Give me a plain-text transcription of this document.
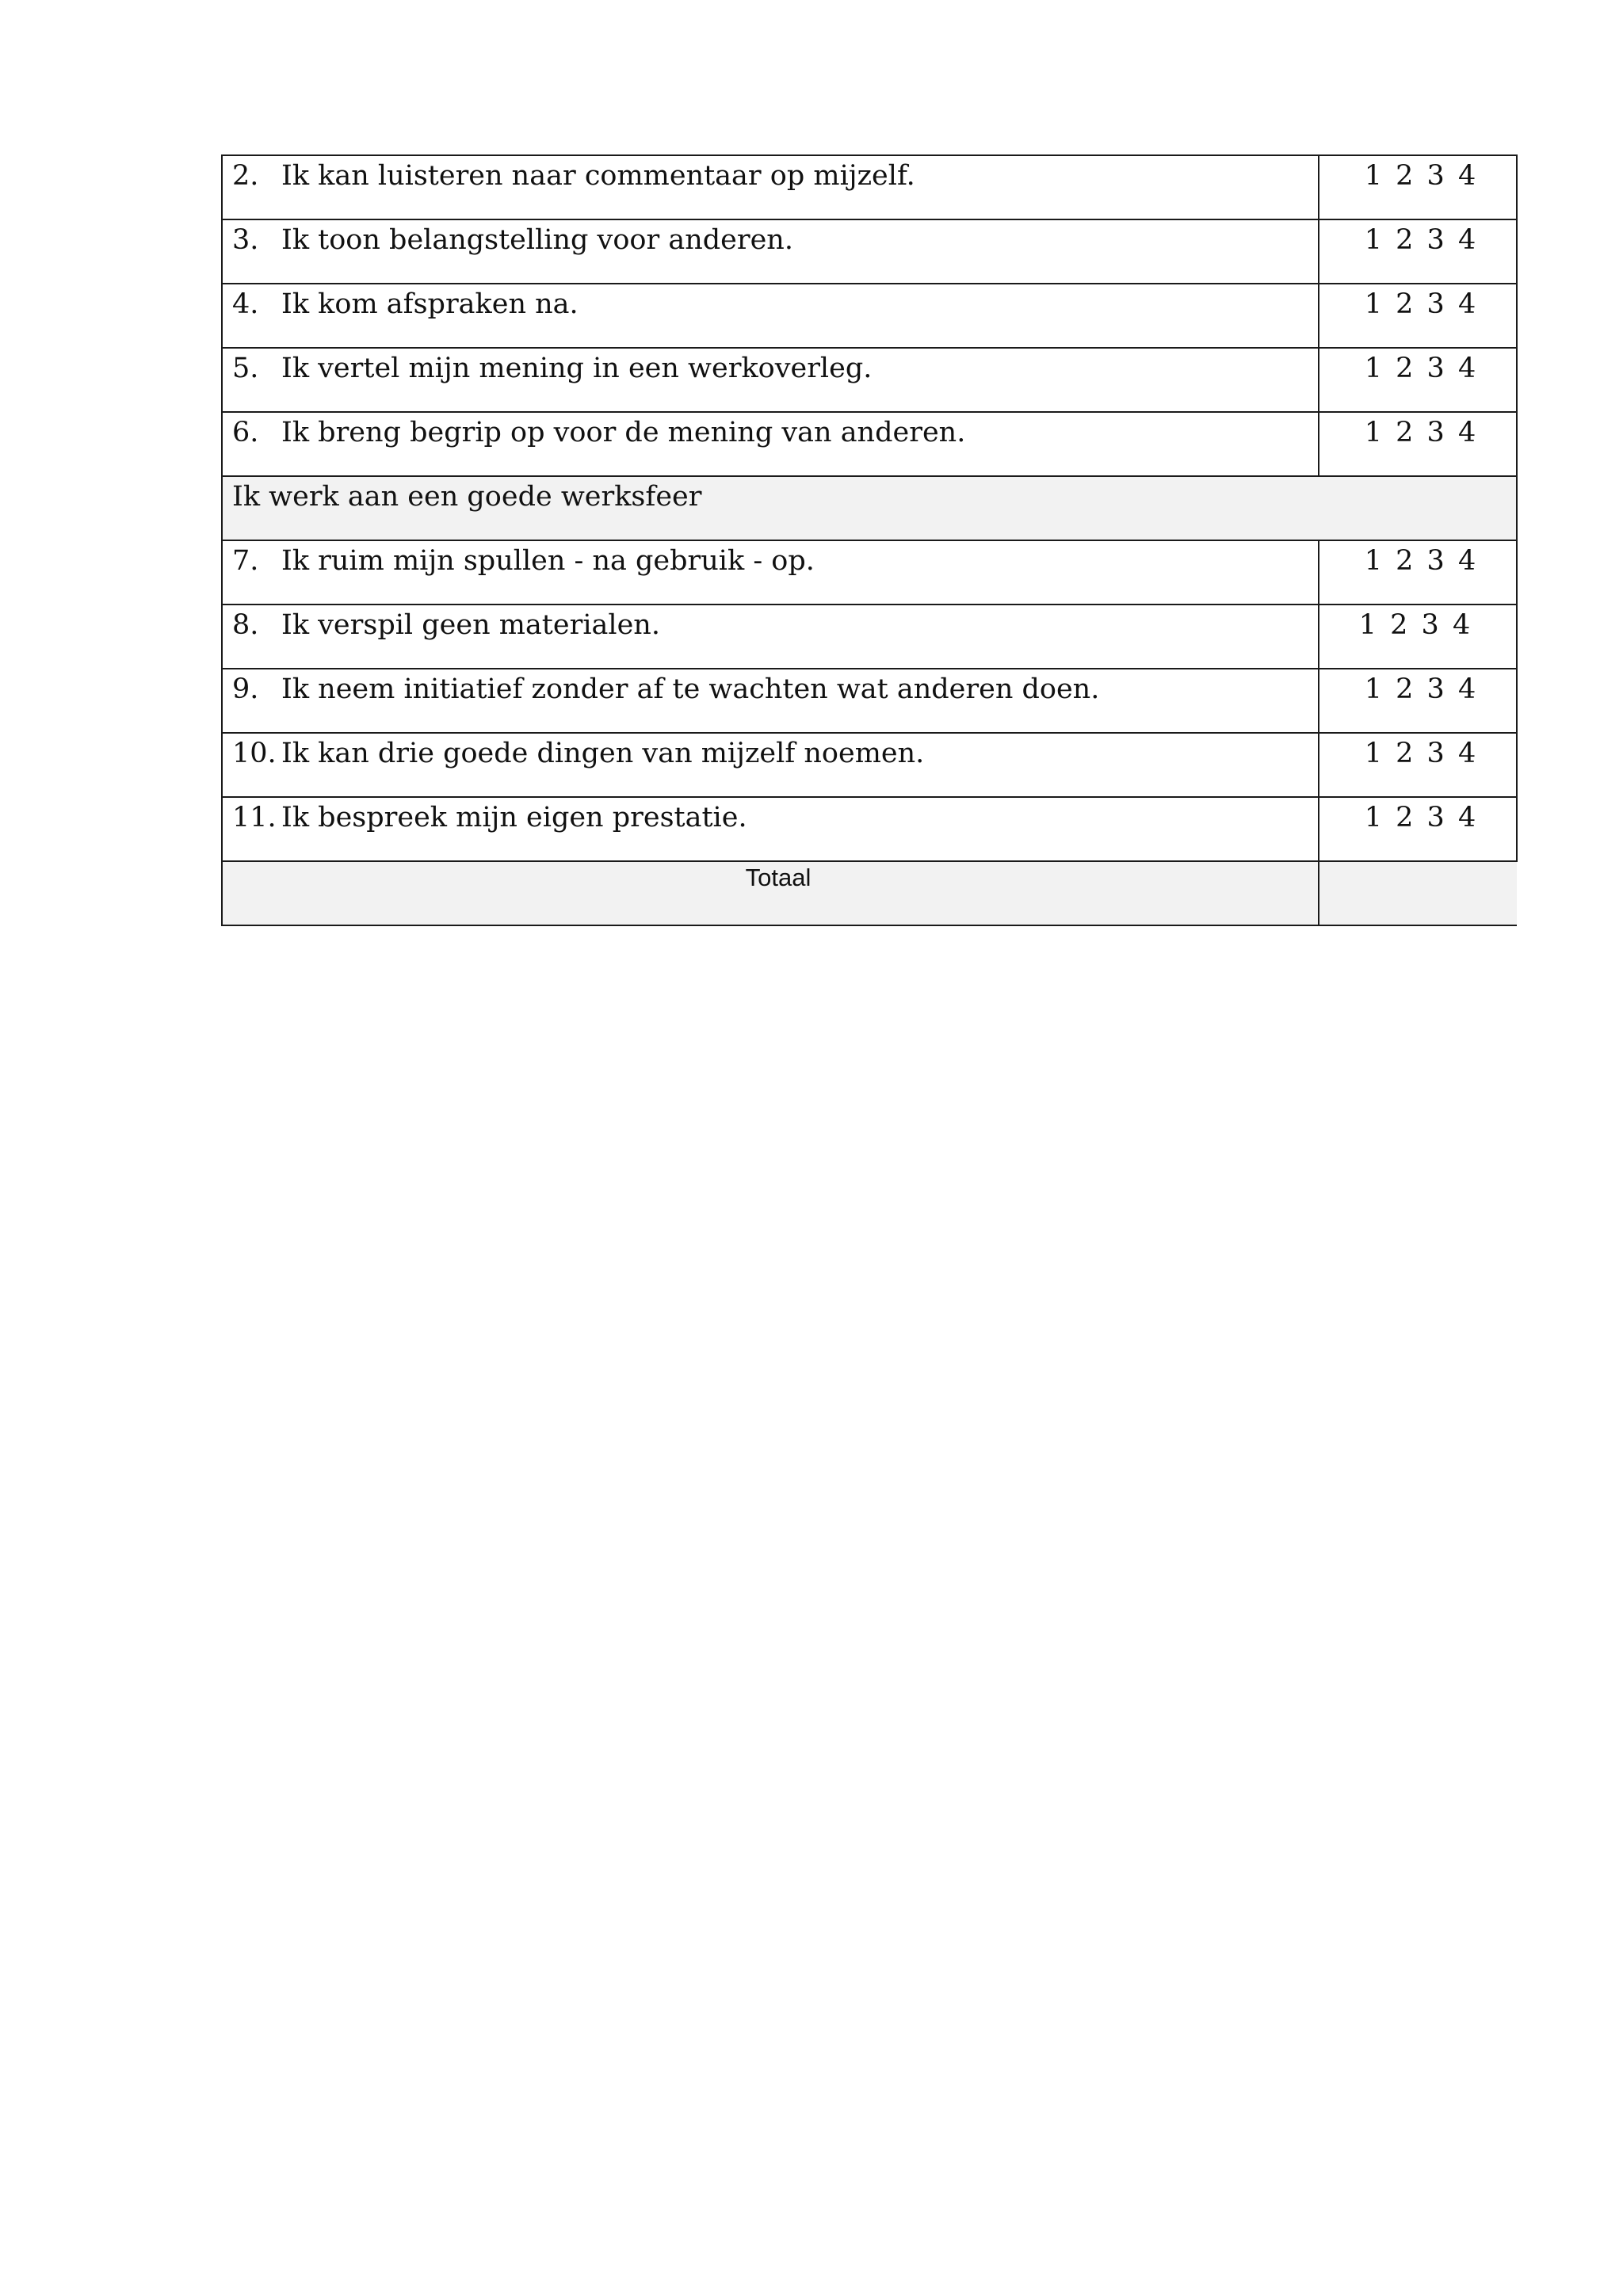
2. Ik kan luisteren naar commentaar op mijzelf.	1 2 3 4

3. Ik toon belangstelling voor anderen.	1 2 3 4

4. Ik kom afspraken na.	1 2 3 4

5. Ik vertel mijn mening in een werkoverleg.	1 2 3 4

6. Ik breng begrip op voor de mening van anderen.	1 2 3 4

Ik werk aan een goede werksfeer	

7. Ik ruim mijn spullen - na gebruik - op.	1 2 3 4

8. Ik verspil geen materialen.	1 2 3 4

9. Ik neem initiatief zonder af te wachten wat anderen doen.	1 2 3 4

10. Ik kan drie goede dingen van mijzelf noemen.	1 2 3 4

11. Ik bespreek mijn eigen prestatie.	1 2 3 4

Totaal	
